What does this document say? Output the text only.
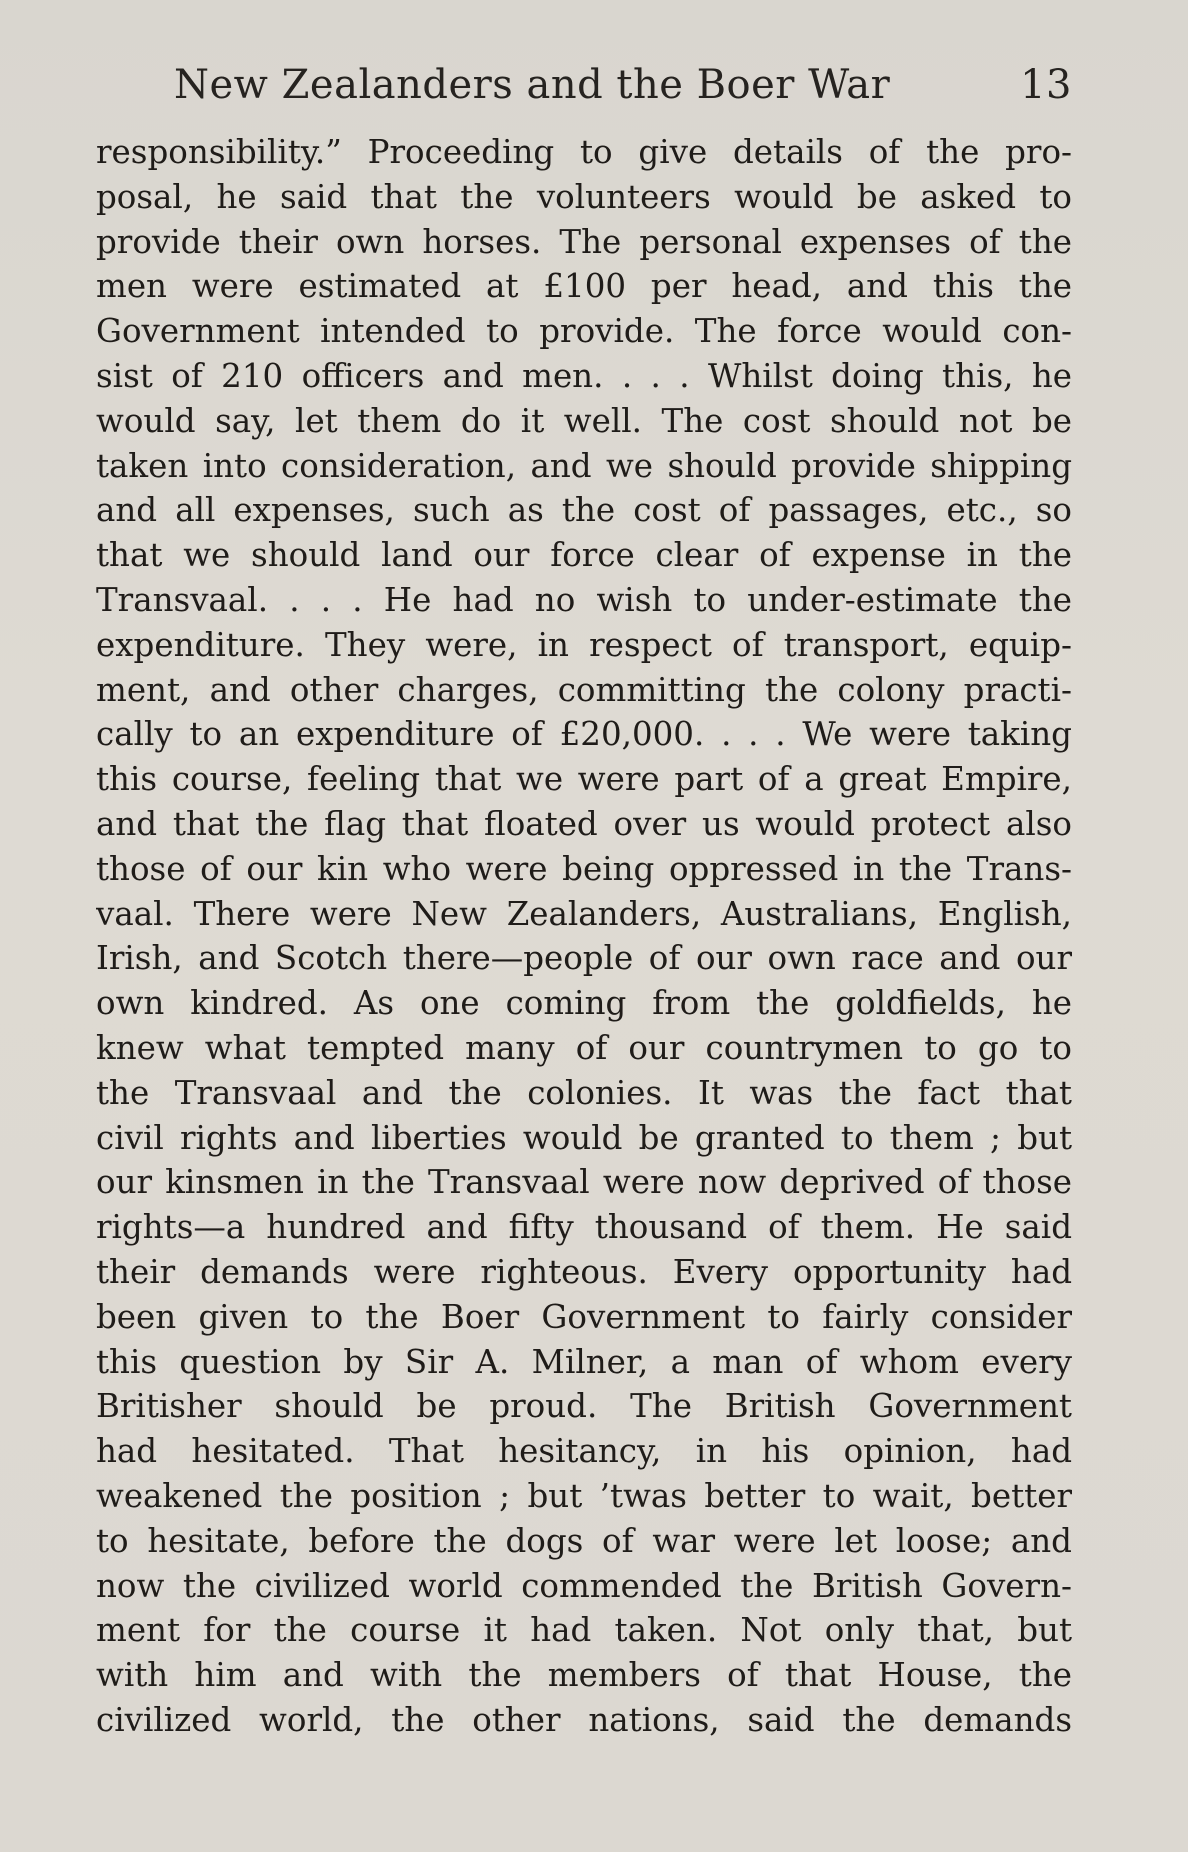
New Zealanders and the Boer War	13
responsibility.” Proceeding to give details of the pro-
posal, he said that the volunteers would be asked to
provide their own horses. The personal expenses of the
men were estimated at £100 per head, and this the
Government intended to provide. The force would con-
sist of 210 officers and men. . . . Whilst doing this, he
would say, let them do it well. The cost should not be
taken into consideration, and we should provide shipping
and all expenses, such as the cost of passages, etc., so
that we should land our force clear of expense in the
Transvaal. . . . He had no wish to under-estimate the
expenditure. They were, in respect of transport, equip-
ment, and other charges, committing the colony practi-
cally to an expenditure of £20,000. . . . We were taking
this course, feeling that we were part of a great Empire,
and that the flag that floated over us would protect also
those of our kin who were being oppressed in the Trans-
vaal. There were New Zealanders, Australians, English,
Irish, and Scotch there—people of our own race and our
own kindred. As one coming from the goldfields, he
knew what tempted many of our countrymen to go to
the Transvaal and the colonies. It was the fact that
civil rights and liberties would be granted to them ; but
our kinsmen in the Transvaal were now deprived of those
rights—a hundred and fifty thousand of them. He said
their demands were righteous. Every opportunity had
been given to the Boer Government to fairly consider
this question by Sir A. Milner, a man of whom every
Britisher should be proud. The British Government
had hesitated. That hesitancy, in his opinion, had
weakened the position ; but ’twas better to wait, better
to hesitate, before the dogs of war were let loose; and
now the civilized world commended the British Govern-
ment for the course it had taken. Not only that, but
with him and with the members of that House, the
civilized world, the other nations, said the demands
